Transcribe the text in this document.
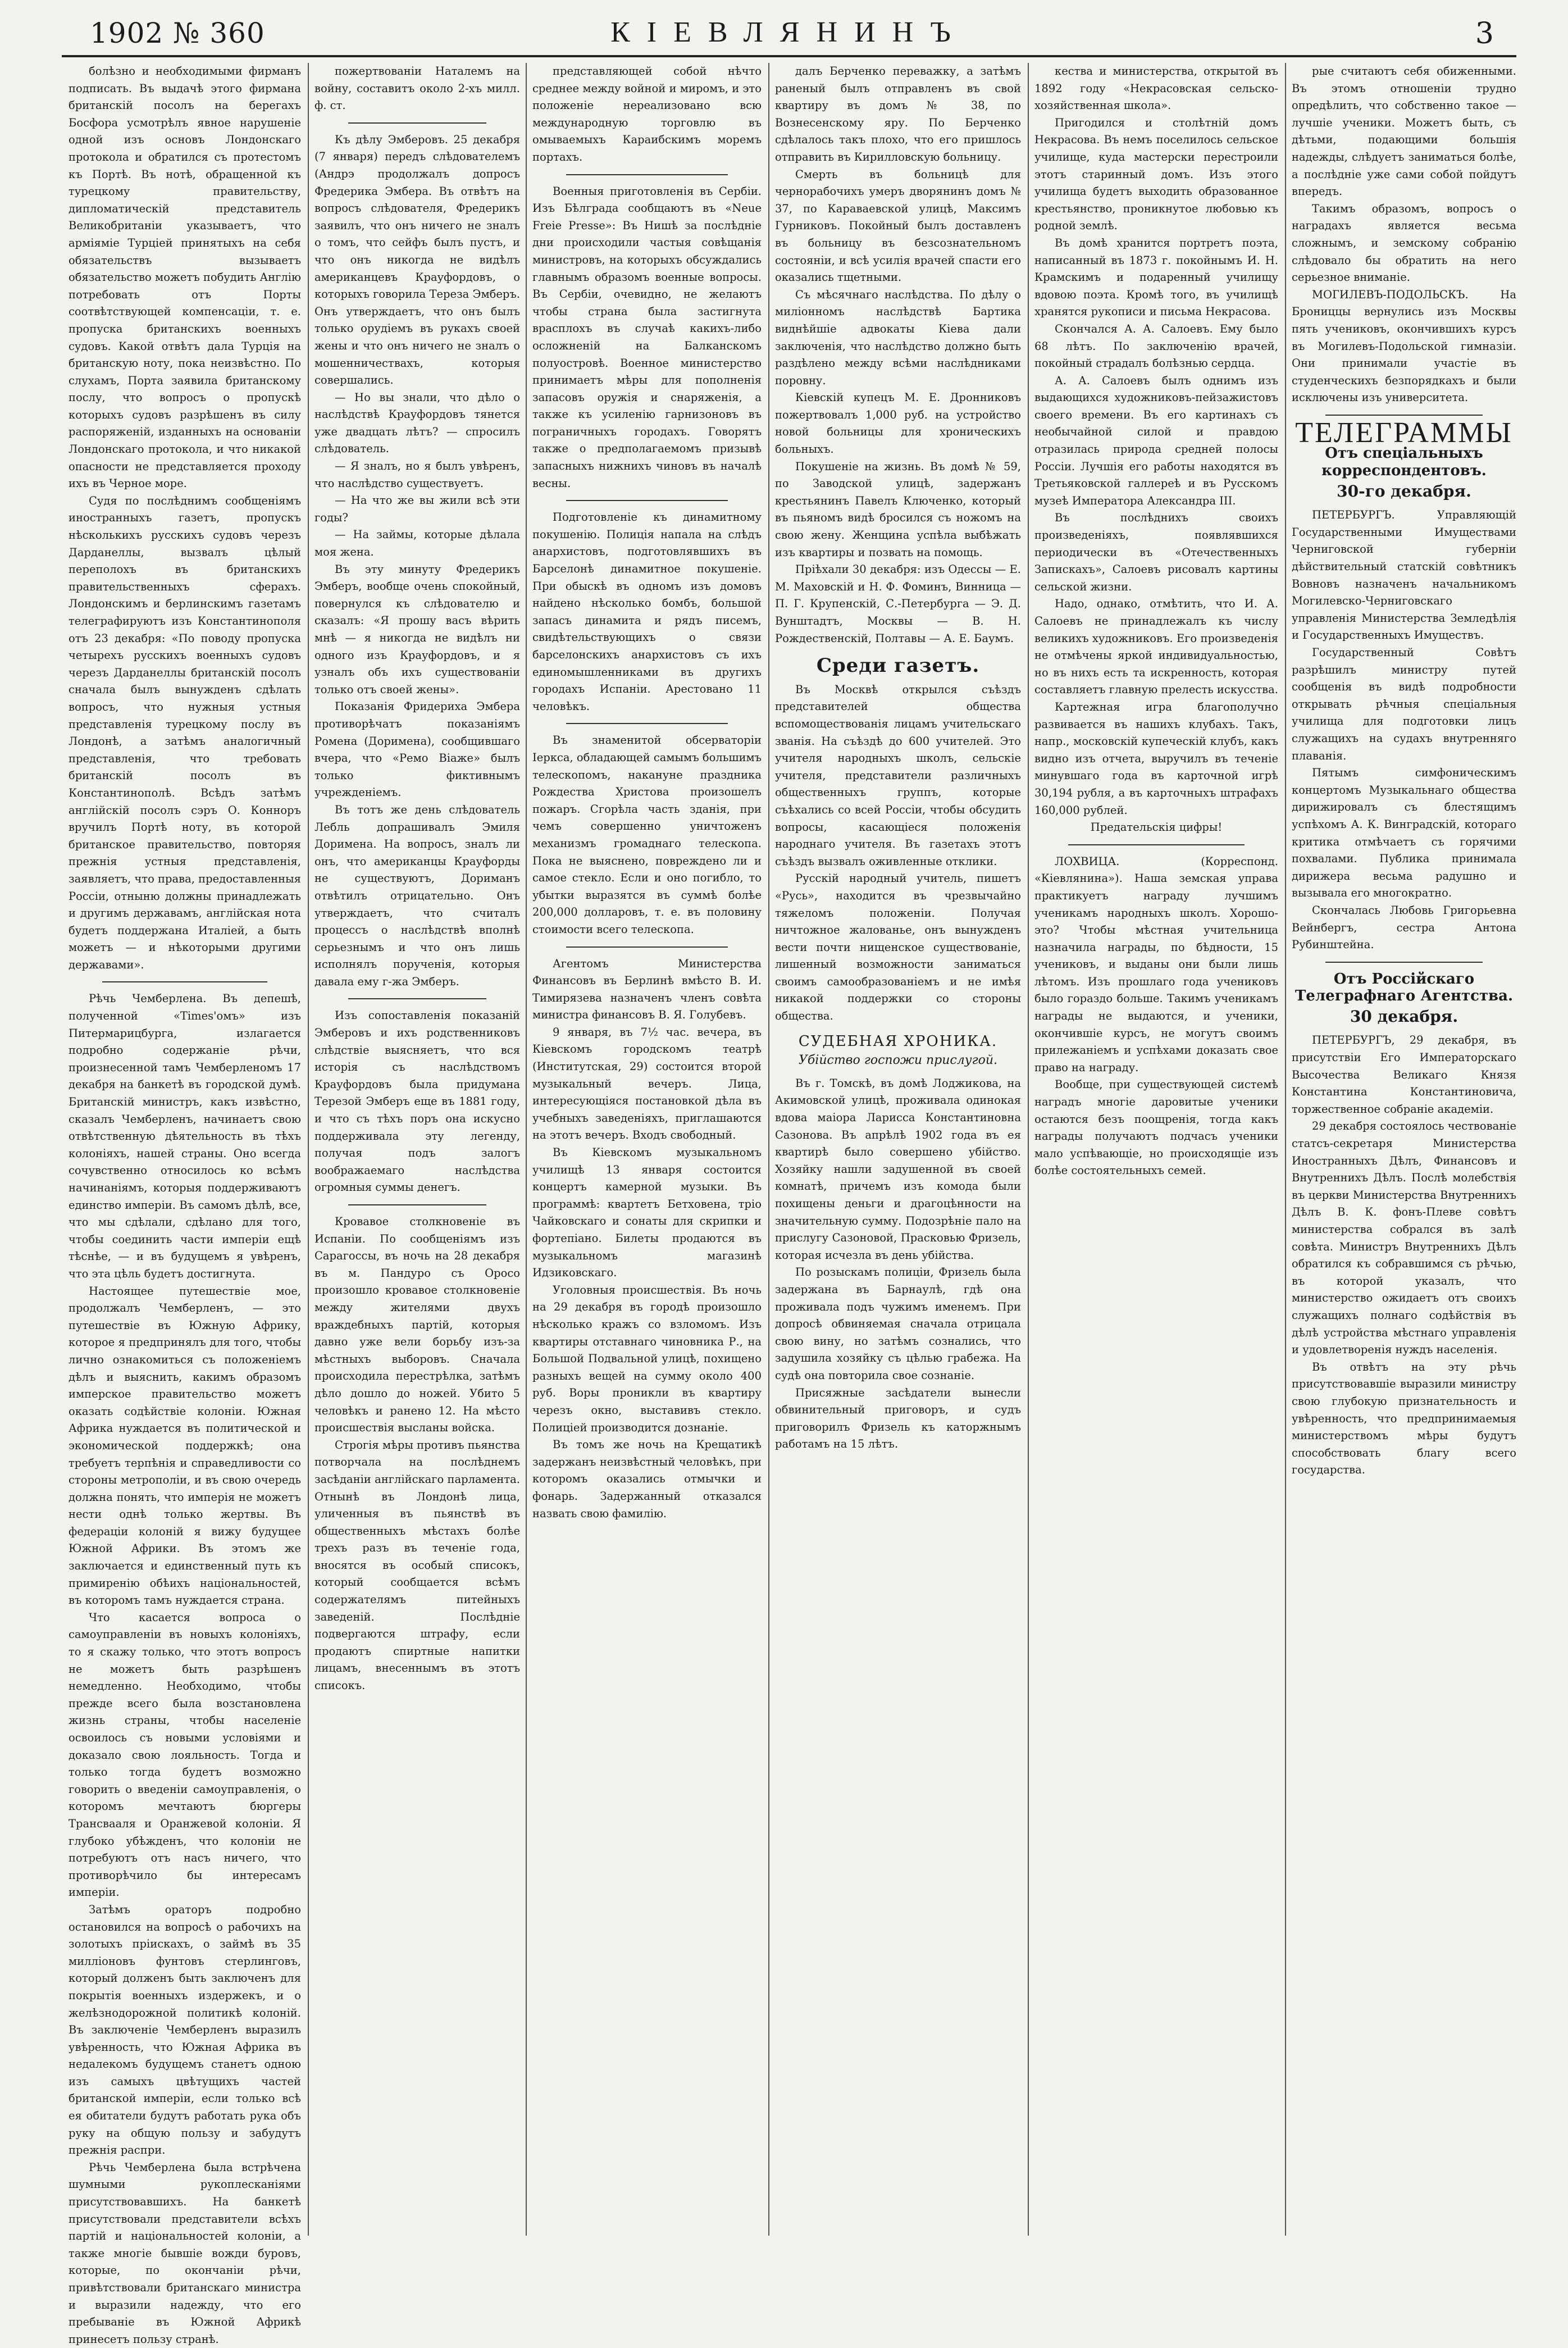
1902 № 360	КІЕВЛЯНИНЪ	3

болѣзно и необходимыми фирманъ подписать. Въ выдачѣ этого фирмана британскій посолъ на берегахъ Босфора усмотрѣлъ явное нарушеніе одной изъ основъ Лондонскаго протокола и обратился съ протестомъ къ Портѣ. Въ нотѣ, обращенной къ турецкому правительству, дипломатическій представитель Великобританіи указываетъ, что арміяміе Турціей принятыхъ на себя обязательствъ вызываетъ обязательство можетъ побудить Англію потребовать отъ Порты соотвѣтствующей компенсаціи, т. е. пропуска британскихъ военныхъ судовъ. Какой отвѣтъ дала Турція на британскую ноту, пока неизвѣстно. По слухамъ, Порта заявила британскому послу, что вопросъ о пропускѣ которыхъ судовъ разрѣшенъ въ силу распоряженій, изданныхъ на основаніи Лондонскаго протокола, и что никакой опасности не представляется проходу ихъ въ Черное море.

Судя по послѣднимъ сообщеніямъ иностранныхъ газетъ, пропускъ нѣсколькихъ русскихъ судовъ черезъ Дарданеллы, вызвалъ цѣлый переполохъ въ британскихъ правительственныхъ сферахъ. Лондонскимъ и берлинскимъ газетамъ телеграфируютъ изъ Константинополя отъ 23 декабря: «По поводу пропуска четырехъ русскихъ военныхъ судовъ черезъ Дарданеллы британскій посолъ сначала былъ вынужденъ сдѣлать вопросъ, что нужныя устныя представленія турецкому послу въ Лондонѣ, а затѣмъ аналогичный представленія, что требовать британскій посолъ въ Константинополѣ. Всѣдъ затѣмъ англійскій посолъ сэръ О. Конноръ вручилъ Портѣ ноту, въ которой британское правительство, повторяя прежнія устныя представленія, заявляетъ, что права, предоставленныя Россіи, отныню должны принадлежать и другимъ державамъ, англійская нота будетъ поддержана Италіей, а быть можетъ — и нѣкоторыми другими державами».

Рѣчь Чемберлена. Въ депешѣ, полученной «Times'омъ» изъ Питермарицбурга, излагается подробно содержаніе рѣчи, произнесенной тамъ Чемберленомъ 17 декабря на банкетѣ въ городской думѣ. Британскій министръ, какъ извѣстно, сказалъ Чемберленъ, начинаетъ свою отвѣтственную дѣятельность въ тѣхъ колоніяхъ, нашей страны. Оно всегда сочувственно относилось ко всѣмъ начинаніямъ, которыя поддерживаютъ единство имперіи. Въ самомъ дѣлѣ, все, что мы сдѣлали, сдѣлано для того, чтобы соединить части имперіи ещѣ тѣснѣе, — и въ будущемъ я увѣренъ, что эта цѣль будетъ достигнута.

Настоящее путешествіе мое, продолжалъ Чемберленъ, — это путешествіе въ Южную Африку, которое я предпринялъ для того, чтобы лично ознакомиться съ положеніемъ дѣлъ и выяснить, какимъ образомъ имперское правительство можетъ оказать содѣйствіе колоніи. Южная Африка нуждается въ политической и экономической поддержкѣ; она требуетъ терпѣнія и справедливости со стороны метрополіи, и въ свою очередь должна понять, что имперія не можетъ нести однѣ только жертвы. Въ федераціи колоній я вижу будущее Южной Африки. Въ этомъ же заключается и единственный путь къ примиренію обѣихъ національностей, въ которомъ тамъ нуждается страна.

Что касается вопроса о самоуправленіи въ новыхъ колоніяхъ, то я скажу только, что этотъ вопросъ не можетъ быть разрѣшенъ немедленно. Необходимо, чтобы прежде всего была возстановлена жизнь страны, чтобы населеніе освоилось съ новыми условіями и доказало свою лояльность. Тогда и только тогда будетъ возможно говорить о введеніи самоуправленія, о которомъ мечтаютъ бюргеры Трансвааля и Оранжевой колоніи. Я глубоко убѣжденъ, что колоніи не потребуютъ отъ насъ ничего, что противорѣчило бы интересамъ имперіи.

Затѣмъ ораторъ подробно остановился на вопросѣ о рабочихъ на золотыхъ пріискахъ, о займѣ въ 35 милліоновъ фунтовъ стерлинговъ, который долженъ быть заключенъ для покрытія военныхъ издержекъ, и о желѣзнодорожной политикѣ колоній. Въ заключеніе Чемберленъ выразилъ увѣренность, что Южная Африка въ недалекомъ будущемъ станетъ одною изъ самыхъ цвѣтущихъ частей британской имперіи, если только всѣ ея обитатели будутъ работать рука объ руку на общую пользу и забудутъ прежнія распри.

Рѣчь Чемберлена была встрѣчена шумными рукоплесканіями присутствовавшихъ. На банкетѣ присутствовали представители всѣхъ партій и національностей колоніи, а также многіе бывшіе вожди буровъ, которые, по окончаніи рѣчи, привѣтствовали британскаго министра и выразили надежду, что его пребываніе въ Южной Африкѣ принесетъ пользу странѣ.

пожертвованіи Наталемъ на войну, составитъ около 2-хъ милл. ф. ст.

Къ дѣлу Эмберовъ. 25 декабря (7 января) передъ слѣдователемъ (Андрэ продолжалъ допросъ Фредерика Эмбера. Въ отвѣтъ на вопросъ слѣдователя, Фредерикъ заявилъ, что онъ ничего не зналъ о томъ, что сейфъ былъ пустъ, и что онъ никогда не видѣлъ американцевъ Крауфордовъ, о которыхъ говорила Тереза Эмберъ. Онъ утверждаетъ, что онъ былъ только орудіемъ въ рукахъ своей жены и что онъ ничего не зналъ о мошенничествахъ, которыя совершались.

— Но вы знали, что дѣло о наслѣдствѣ Крауфордовъ тянется уже двадцать лѣтъ? — спросилъ слѣдователь.

— Я зналъ, но я былъ увѣренъ, что наслѣдство существуетъ.

— На что же вы жили всѣ эти годы?

— На займы, которые дѣлала моя жена.

Въ эту минуту Фредерикъ Эмберъ, вообще очень спокойный, повернулся къ слѣдователю и сказалъ: «Я прошу васъ вѣрить мнѣ — я никогда не видѣлъ ни одного изъ Крауфордовъ, и я узналъ объ ихъ существованіи только отъ своей жены».

Показанія Фридериха Эмбера противорѣчатъ показаніямъ Ромена (Доримена), сообщившаго вчера, что «Ремо Віаже» былъ только фиктивнымъ учрежденіемъ.

Въ тотъ же день слѣдователь Лебль допрашивалъ Эмиля Доримена. На вопросъ, зналъ ли онъ, что американцы Крауфорды не существуютъ, Дориманъ отвѣтилъ отрицательно. Онъ утверждаетъ, что считалъ процессъ о наслѣдствѣ вполнѣ серьезнымъ и что онъ лишь исполнялъ порученія, которыя давала ему г-жа Эмберъ.

Изъ сопоставленія показаній Эмберовъ и ихъ родственниковъ слѣдствіе выясняетъ, что вся исторія съ наслѣдствомъ Крауфордовъ была придумана Терезой Эмберъ еще въ 1881 году, и что съ тѣхъ поръ она искусно поддерживала эту легенду, получая подъ залогъ воображаемаго наслѣдства огромныя суммы денегъ.

Кровавое столкновеніе въ Испаніи. По сообщеніямъ изъ Сарагоссы, въ ночь на 28 декабря въ м. Пандуро съ Оросо произошло кровавое столкновеніе между жителями двухъ враждебныхъ партій, которыя давно уже вели борьбу изъ-за мѣстныхъ выборовъ. Сначала происходила перестрѣлка, затѣмъ дѣло дошло до ножей. Убито 5 человѣкъ и ранено 12. На мѣсто происшествія высланы войска.

Строгія мѣры противъ пьянства потворчала на послѣднемъ засѣданіи англійскаго парламента. Отнынѣ въ Лондонѣ лица, уличенныя въ пьянствѣ въ общественныхъ мѣстахъ болѣе трехъ разъ въ теченіе года, вносятся въ особый списокъ, который сообщается всѣмъ содержателямъ питейныхъ заведеній. Послѣдніе подвергаются штрафу, если продаютъ спиртные напитки лицамъ, внесеннымъ въ этотъ списокъ.

представляющей собой нѣчто среднее между войной и миромъ, и это положеніе нереализовано всю международную торговлю въ омываемыхъ Караибскимъ моремъ портахъ.

Военныя приготовленія въ Сербіи. Изъ Бѣлграда сообщаютъ въ «Neue Freie Presse»: Въ Нишѣ за послѣдніе дни происходили частыя совѣщанія министровъ, на которыхъ обсуждались главнымъ образомъ военные вопросы. Въ Сербіи, очевидно, не желаютъ чтобы страна была застигнута врасплохъ въ случаѣ какихъ-либо осложненій на Балканскомъ полуостровѣ. Военное министерство принимаетъ мѣры для пополненія запасовъ оружія и снаряженія, а также къ усиленію гарнизоновъ въ пограничныхъ городахъ. Говорятъ также о предполагаемомъ призывѣ запасныхъ нижнихъ чиновъ въ началѣ весны.

Подготовленіе къ динамитному покушенію. Полиція напала на слѣдъ анархистовъ, подготовлявшихъ въ Барселонѣ динамитное покушеніе. При обыскѣ въ одномъ изъ домовъ найдено нѣсколько бомбъ, большой запасъ динамита и рядъ писемъ, свидѣтельствующихъ о связи барселонскихъ анархистовъ съ ихъ единомышленниками въ другихъ городахъ Испаніи. Арестовано 11 человѣкъ.

Въ знаменитой обсерваторіи Іеркса, обладающей самымъ большимъ телескопомъ, накануне праздника Рождества Христова произошелъ пожаръ. Сгорѣла часть зданія, при чемъ совершенно уничтоженъ механизмъ громаднаго телескопа. Пока не выяснено, повреждено ли и самое стекло. Если и оно погибло, то убытки выразятся въ суммѣ болѣе 200,000 долларовъ, т. е. въ половину стоимости всего телескопа.

Агентомъ Министерства Финансовъ въ Берлинѣ вмѣсто В. И. Тимирязева назначенъ членъ совѣта министра финансовъ В. Я. Голубевъ.

9 января, въ 7½ час. вечера, въ Кіевскомъ городскомъ театрѣ (Институтская, 29) состоится второй музыкальный вечеръ. Лица, интересующіяся постановкой дѣла въ учебныхъ заведеніяхъ, приглашаются на этотъ вечеръ. Входъ свободный.

Въ Кіевскомъ музыкальномъ училищѣ 13 января состоится концертъ камерной музыки. Въ программѣ: квартетъ Бетховена, тріо Чайковскаго и сонаты для скрипки и фортепіано. Билеты продаются въ музыкальномъ магазинѣ Идзиковскаго.

Уголовныя происшествія. Въ ночь на 29 декабря въ городѣ произошло нѣсколько кражъ со взломомъ. Изъ квартиры отставнаго чиновника Р., на Большой Подвальной улицѣ, похищено разныхъ вещей на сумму около 400 руб. Воры проникли въ квартиру черезъ окно, выставивъ стекло. Полиціей производится дознаніе.

Въ томъ же ночь на Крещатикѣ задержанъ неизвѣстный человѣкъ, при которомъ оказались отмычки и фонарь. Задержанный отказался назвать свою фамилію.

далъ Берченко переважку, а затѣмъ раненый былъ отправленъ въ свой квартиру въ домъ № 38, по Вознесенскому яру. По Берченко сдѣлалось такъ плохо, что его пришлось отправить въ Кирилловскую больницу.

Смерть въ больницѣ для чернорабочихъ умеръ дворянинъ домъ № 37, по Караваевской улицѣ, Максимъ Гурниковъ. Покойный былъ доставленъ въ больницу въ безсознательномъ состояніи, и всѣ усилія врачей спасти его оказались тщетными.

Съ мѣсячнаго наслѣдства. По дѣлу о миліонномъ наслѣдствѣ Бартика виднѣйшіе адвокаты Кіева дали заключенія, что наслѣдство должно быть раздѣлено между всѣми наслѣдниками поровну.

Кіевскій купецъ М. Е. Дронниковъ пожертвовалъ 1,000 руб. на устройство новой больницы для хроническихъ больныхъ.

Покушеніе на жизнь. Въ домѣ № 59, по Заводской улицѣ, задержанъ крестьянинъ Павелъ Ключенко, который въ пьяномъ видѣ бросился съ ножомъ на свою жену. Женщина успѣла выбѣжать изъ квартиры и позвать на помощь.

Пріѣхали 30 декабря: изъ Одессы — Е. М. Маховскій и Н. Ф. Фоминъ, Винница — П. Г. Крупенскій, С.-Петербурга — Э. Д. Вунштадтъ, Москвы — В. Н. Рождественскій, Полтавы — А. Е. Баумъ.

Среди газетъ.

Въ Москвѣ открылся съѣздъ представителей общества вспомоществованія лицамъ учительскаго званія. На съѣздѣ до 600 учителей. Это учителя народныхъ школъ, сельскіе учителя, представители различныхъ общественныхъ группъ, которые съѣхались со всей Россіи, чтобы обсудить вопросы, касающіеся положенія народнаго учителя. Въ газетахъ этотъ съѣздъ вызвалъ оживленные отклики.

Русскій народный учитель, пишетъ «Русь», находится въ чрезвычайно тяжеломъ положеніи. Получая ничтожное жалованье, онъ вынужденъ вести почти нищенское существованіе, лишенный возможности заниматься своимъ самообразованіемъ и не имѣя никакой поддержки со стороны общества.

СУДЕБНАЯ ХРОНИКА.
Убійство госпожи прислугой.

Въ г. Томскѣ, въ домѣ Лоджикова, на Акимовской улицѣ, проживала одинокая вдова маіора Ларисса Константиновна Сазонова. Въ апрѣлѣ 1902 года въ ея квартирѣ было совершено убійство. Хозяйку нашли задушенной въ своей комнатѣ, причемъ изъ комода были похищены деньги и драгоцѣнности на значительную сумму. Подозрѣніе пало на прислугу Сазоновой, Прасковью Фризель, которая исчезла въ день убійства.

По розыскамъ полиціи, Фризель была задержана въ Барнаулѣ, гдѣ она проживала подъ чужимъ именемъ. При допросѣ обвиняемая сначала отрицала свою вину, но затѣмъ сознались, что задушила хозяйку съ цѣлью грабежа. На судѣ она повторила свое сознаніе.

Присяжные засѣдатели вынесли обвинительный приговоръ, и судъ приговорилъ Фризель къ каторжнымъ работамъ на 15 лѣтъ.

кества и министерства, открытой въ 1892 году «Некрасовская сельско-хозяйственная школа».

Пригодился и столѣтній домъ Некрасова. Въ немъ поселилось сельское училище, куда мастерски перестроили этотъ старинный домъ. Изъ этого училища будетъ выходить образованное крестьянство, проникнутое любовью къ родной землѣ.

Въ домѣ хранится портретъ поэта, написанный въ 1873 г. покойнымъ И. Н. Крамскимъ и подаренный училищу вдовою поэта. Кромѣ того, въ училищѣ хранятся рукописи и письма Некрасова.

Скончался А. А. Салоевъ. Ему было 68 лѣтъ. По заключенію врачей, покойный страдалъ болѣзнью сердца.

А. А. Салоевъ былъ однимъ изъ выдающихся художниковъ-пейзажистовъ своего времени. Въ его картинахъ съ необычайной силой и правдою отразилась природа средней полосы Россіи. Лучшія его работы находятся въ Третьяковской галлереѣ и въ Русскомъ музеѣ Императора Александра III.

Въ послѣднихъ своихъ произведеніяхъ, появлявшихся периодически въ «Отечественныхъ Запискахъ», Салоевъ рисовалъ картины сельской жизни.

Надо, однако, отмѣтить, что И. А. Салоевъ не принадлежалъ къ числу великихъ художниковъ. Его произведенія не отмѣчены яркой индивидуальностью, но въ нихъ есть та искренность, которая составляетъ главную прелесть искусства.

Картежная игра благополучно развивается въ нашихъ клубахъ. Такъ, напр., московскій купеческій клубъ, какъ видно изъ отчета, выручилъ въ теченіе минувшаго года въ карточной игрѣ 30,194 рубля, а въ карточныхъ штрафахъ 160,000 рублей.

Предательскія цифры!

ЛОХВИЦА. (Корреспонд. «Кіевлянина»). Наша земская управа практикуетъ награду лучшимъ ученикамъ народныхъ школъ. Хорошо-это? Чтобы мѣстная учительница назначила награды, по бѣдности, 15 учениковъ, и выданы они были лишь лѣтомъ. Изъ прошлаго года учениковъ было гораздо больше. Такимъ ученикамъ награды не выдаются, и ученики, окончившіе курсъ, не могутъ своимъ прилежаніемъ и успѣхами доказать свое право на награду.

Вообще, при существующей системѣ наградъ многіе даровитые ученики остаются безъ поощренія, тогда какъ награды получаютъ подчасъ ученики мало успѣвающіе, но происходящіе изъ болѣе состоятельныхъ семей.

рые считаютъ себя обиженными. Въ этомъ отношеніи трудно опредѣлить, что собственно такое — лучшіе ученики. Можетъ быть, съ дѣтьми, подающими большія надежды, слѣдуетъ заниматься болѣе, а послѣдніе уже сами собой пойдутъ впередъ.

Такимъ образомъ, вопросъ о наградахъ является весьма сложнымъ, и земскому собранію слѣдовало бы обратить на него серьезное вниманіе.

МОГИЛЕВЪ-ПОДОЛЬСКЪ. На Брониццы вернулись изъ Москвы пять учениковъ, окончившихъ курсъ въ Могилевъ-Подольской гимназіи. Они принимали участіе въ студенческихъ безпорядкахъ и были исключены изъ университета.

ТЕЛЕГРАММЫ
Отъ спеціальныхъ корреспондентовъ.
30-го декабря.

ПЕТЕРБУРГЪ. Управляющій Государственными Имуществами Черниговской губерніи дѣйствительный статскій совѣтникъ Вовновъ назначенъ начальникомъ Могилевско-Черниговскаго управленія Министерства Земледѣлія и Государственныхъ Имуществъ.

Государственный Совѣтъ разрѣшилъ министру путей сообщенія въ видѣ подробности открывать рѣчныя спеціальныя училища для подготовки лицъ служащихъ на судахъ внутренняго плаванія.

Пятымъ симфоническимъ концертомъ Музыкальнаго общества дирижировалъ съ блестящимъ успѣхомъ А. К. Винградскій, котораго критика отмѣчаетъ съ горячими похвалами. Публика принимала дирижера весьма радушно и вызывала его многократно.

Скончалась Любовь Григорьевна Вейнбергъ, сестра Антона Рубинштейна.

Отъ Россійскаго Телеграфнаго Агентства.
30 декабря.

ПЕТЕРБУРГЪ, 29 декабря, въ присутствіи Его Императорскаго Высочества Великаго Князя Константина Константиновича, торжественное собраніе академіи.

29 декабря состоялось чествованіе статсъ-секретаря Министерства Иностранныхъ Дѣлъ, Финансовъ и Внутреннихъ Дѣлъ. Послѣ молебствія въ церкви Министерства Внутреннихъ Дѣлъ В. К. фонъ-Плеве совѣтъ министерства собрался въ залѣ совѣта. Министръ Внутреннихъ Дѣлъ обратился къ собравшимся съ рѣчью, въ которой указалъ, что министерство ожидаетъ отъ своихъ служащихъ полнаго содѣйствія въ дѣлѣ устройства мѣстнаго управленія и удовлетворенія нуждъ населенія.

Въ отвѣтъ на эту рѣчь присутствовавшіе выразили министру свою глубокую признательность и увѣренность, что предпринимаемыя министерствомъ мѣры будутъ способствовать благу всего государства.
